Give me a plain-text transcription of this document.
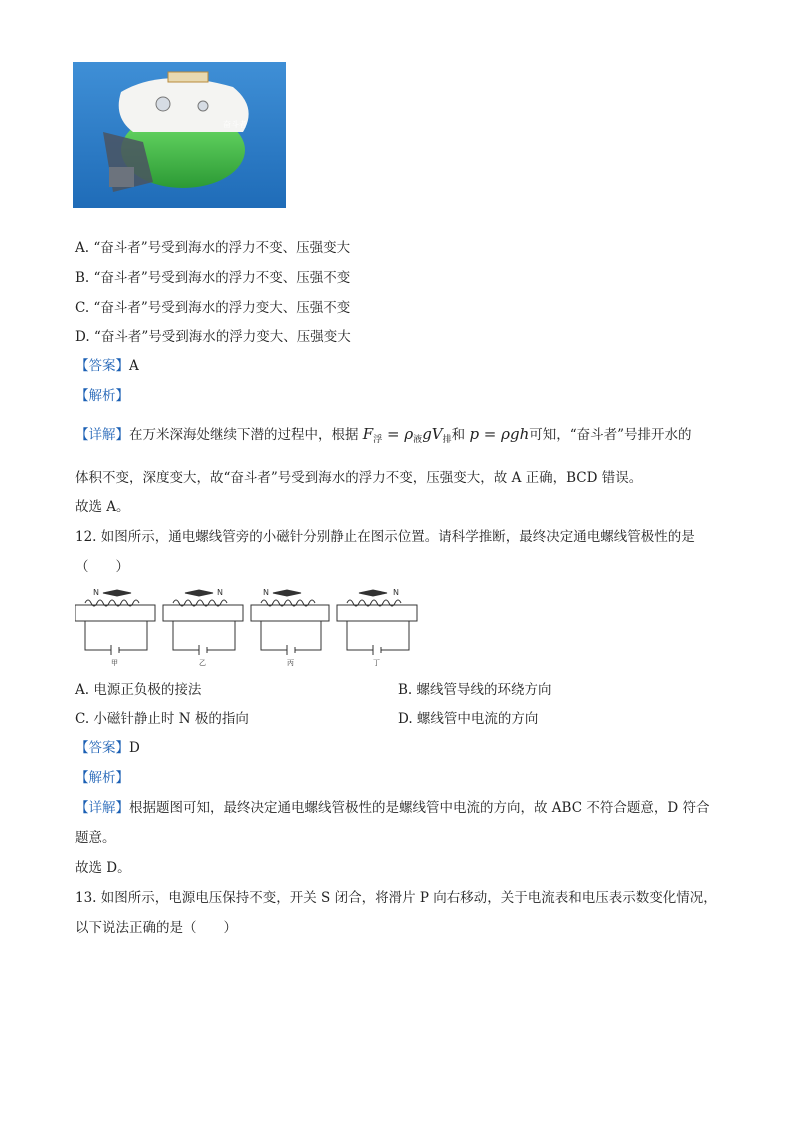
奋斗者
A. “奋斗者”号受到海水的浮力不变、压强变大
B. “奋斗者”号受到海水的浮力不变、压强不变
C. “奋斗者”号受到海水的浮力变大、压强不变
D. “奋斗者”号受到海水的浮力变大、压强变大
【答案】A
【解析】
【详解】在万米深海处继续下潜的过程中，根据 $F_浮 = \rho_液gV_排$和 p = ρgh可知，“奋斗者”号排开水的
体积不变，深度变大，故“奋斗者”号受到海水的浮力不变，压强变大，故 A 正确，BCD 错误。
故选 A。
12. 如图所示，通电螺线管旁的小磁针分别静止在图示位置。请科学推断，最终决定通电螺线管极性的是
（　　）
N
甲
N
乙
N
丙
N
丁
A. 电源正负极的接法	B. 螺线管导线的环绕方向
C. 小磁针静止时 N 极的指向	D. 螺线管中电流的方向
【答案】D
【解析】
【详解】根据题图可知，最终决定通电螺线管极性的是螺线管中电流的方向，故 ABC 不符合题意，D 符合
题意。
故选 D。
13. 如图所示，电源电压保持不变，开关 S 闭合，将滑片 P 向右移动，关于电流表和电压表示数变化情况，
以下说法正确的是（　　）
